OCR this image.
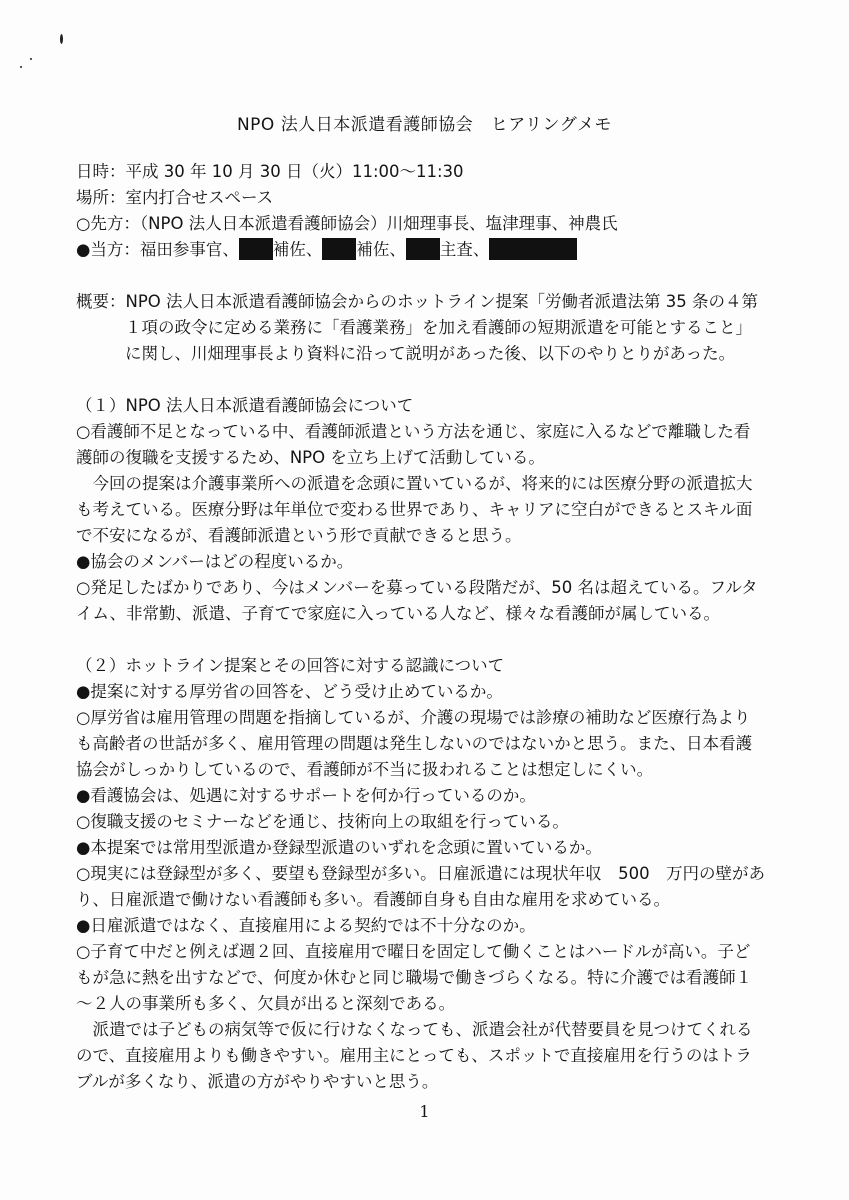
NPO 法人日本派遣看護師協会　ヒアリングメモ
日時：平成 30 年 10 月 30 日（火）11:00～11:30
場所：室内打合せスペース
○先方：（NPO 法人日本派遣看護師協会）川畑理事長、塩津理事、神農氏
●当方：福田参事官、 補佐、 補佐、 主査、
概要：NPO 法人日本派遣看護師協会からのホットライン提案「労働者派遣法第 35 条の４第
１項の政令に定める業務に「看護業務」を加え看護師の短期派遣を可能とすること」
に関し、川畑理事長より資料に沿って説明があった後、以下のやりとりがあった。
（１）NPO 法人日本派遣看護師協会について
○看護師不足となっている中、看護師派遣という方法を通じ、家庭に入るなどで離職した看
護師の復職を支援するため、NPO を立ち上げて活動している。
　今回の提案は介護事業所への派遣を念頭に置いているが、将来的には医療分野の派遣拡大
も考えている。医療分野は年単位で変わる世界であり、キャリアに空白ができるとスキル面
で不安になるが、看護師派遣という形で貢献できると思う。
●協会のメンバーはどの程度いるか。
○発足したばかりであり、今はメンバーを募っている段階だが、50 名は超えている。フルタ
イム、非常勤、派遣、子育てで家庭に入っている人など、様々な看護師が属している。
（２）ホットライン提案とその回答に対する認識について
●提案に対する厚労省の回答を、どう受け止めているか。
○厚労省は雇用管理の問題を指摘しているが、介護の現場では診療の補助など医療行為より
も高齢者の世話が多く、雇用管理の問題は発生しないのではないかと思う。また、日本看護
協会がしっかりしているので、看護師が不当に扱われることは想定しにくい。
●看護協会は、処遇に対するサポートを何か行っているのか。
○復職支援のセミナーなどを通じ、技術向上の取組を行っている。
●本提案では常用型派遣か登録型派遣のいずれを念頭に置いているか。
○現実には登録型が多く、要望も登録型が多い。日雇派遣には現状年収　500　万円の壁があ
り、日雇派遣で働けない看護師も多い。看護師自身も自由な雇用を求めている。
●日雇派遣ではなく、直接雇用による契約では不十分なのか。
○子育て中だと例えば週２回、直接雇用で曜日を固定して働くことはハードルが高い。子ど
もが急に熱を出すなどで、何度か休むと同じ職場で働きづらくなる。特に介護では看護師１
～２人の事業所も多く、欠員が出ると深刻である。
　派遣では子どもの病気等で仮に行けなくなっても、派遣会社が代替要員を見つけてくれる
ので、直接雇用よりも働きやすい。雇用主にとっても、スポットで直接雇用を行うのはトラ
ブルが多くなり、派遣の方がやりやすいと思う。
1
